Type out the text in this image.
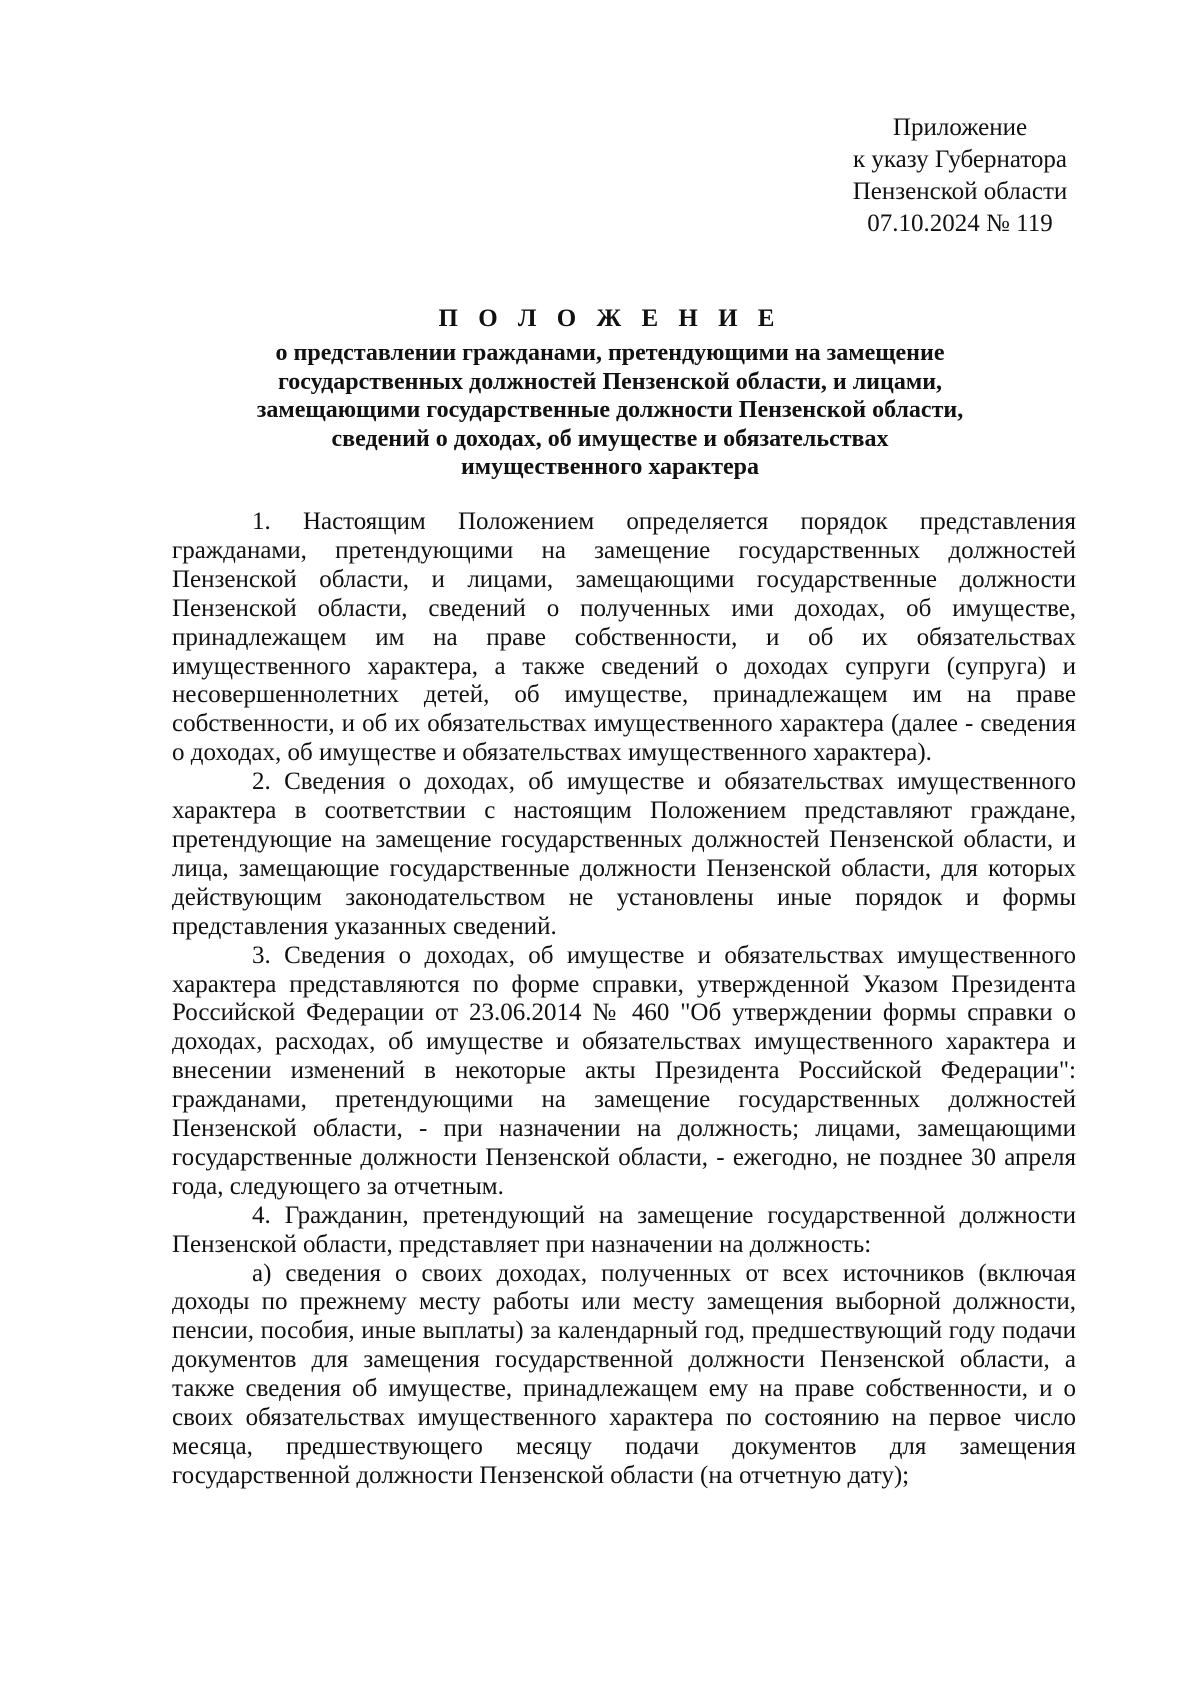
Приложение
к указу Губернатора
Пензенской области
07.10.2024 № 119
П О Л О Ж Е Н И Е
о представлении гражданами, претендующими на замещение
государственных должностей Пензенской области, и лицами,
замещающими государственные должности Пензенской области,
сведений о доходах, об имуществе и обязательствах
имущественного характера

1. Настоящим Положением определяется порядок представления гражданами, претендующими на замещение государственных должностей Пензенской области, и лицами, замещающими государственные должности Пензенской области, сведений о полученных ими доходах, об имуществе, принадлежащем им на праве собственности, и об их обязательствах имущественного характера, а также сведений о доходах супруги (супруга) и несовершеннолетних детей, об имуществе, принадлежащем им на праве собственности, и об их обязательствах имущественного характера (далее - сведения о доходах, об имуществе и обязательствах имущественного характера).

2. Сведения о доходах, об имуществе и обязательствах имущественного характера в соответствии с настоящим Положением представляют граждане, претендующие на замещение государственных должностей Пензенской области, и лица, замещающие государственные должности Пензенской области, для которых действующим законодательством не установлены иные порядок и формы представления указанных сведений.

3. Сведения о доходах, об имуществе и обязательствах имущественного характера представляются по форме справки, утвержденной Указом Президента Российской Федерации от 23.06.2014 № 460 "Об утверждении формы справки о доходах, расходах, об имуществе и обязательствах имущественного характера и внесении изменений в некоторые акты Президента Российской Федерации": гражданами, претендующими на замещение государственных должностей Пензенской области, - при назначении на должность; лицами, замещающими государственные должности Пензенской области, - ежегодно, не позднее 30 апреля года, следующего за отчетным.

4. Гражданин, претендующий на замещение государственной должности Пензенской области, представляет при назначении на должность:

а) сведения о своих доходах, полученных от всех источников (включая доходы по прежнему месту работы или месту замещения выборной должности, пенсии, пособия, иные выплаты) за календарный год, предшествующий году подачи документов для замещения государственной должности Пензенской области, а также сведения об имуществе, принадлежащем ему на праве собственности, и о своих обязательствах имущественного характера по состоянию на первое число месяца, предшествующего месяцу подачи документов для замещения государственной должности Пензенской области (на отчетную дату);
